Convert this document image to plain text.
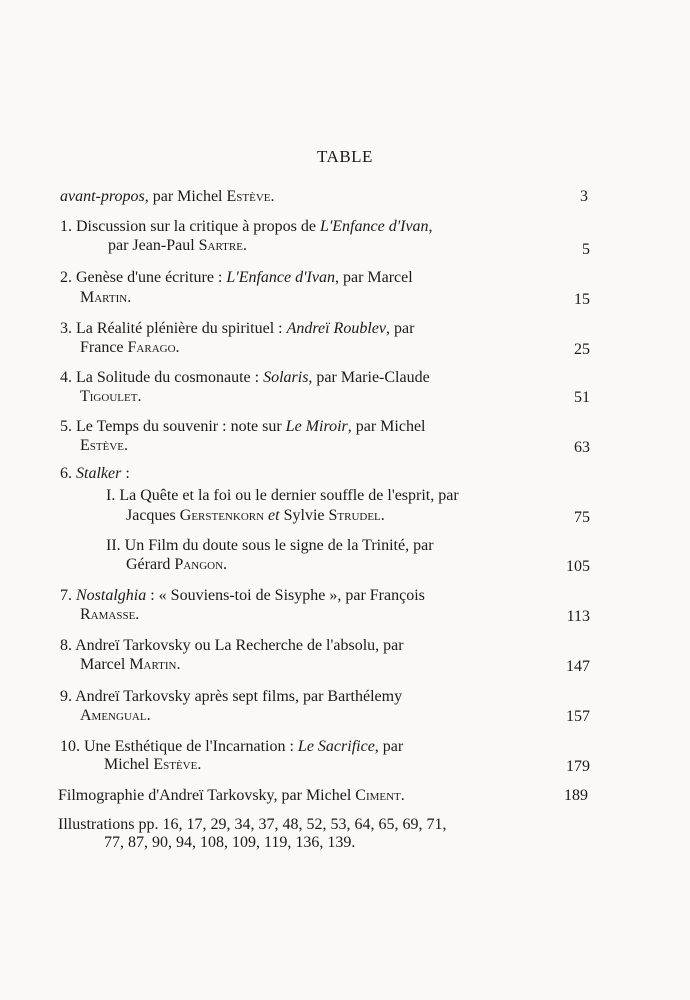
TABLE
avant-propos, par Michel Estève.	3
1. Discussion sur la critique à propos de L'Enfance d'Ivan,
par Jean-Paul Sartre.	5
2. Genèse d'une écriture : L'Enfance d'Ivan, par Marcel
Martin.	15
3. La Réalité plénière du spirituel : Andreï Roublev, par
France Farago.	25
4. La Solitude du cosmonaute : Solaris, par Marie-Claude
Tigoulet.	51
5. Le Temps du souvenir : note sur Le Miroir, par Michel
Estève.	63
6. Stalker :
I. La Quête et la foi ou le dernier souffle de l'esprit, par
Jacques Gerstenkorn et Sylvie Strudel.	75
II. Un Film du doute sous le signe de la Trinité, par
Gérard Pangon.	105
7. Nostalghia : « Souviens-toi de Sisyphe », par François
Ramasse.	113
8. Andreï Tarkovsky ou La Recherche de l'absolu, par
Marcel Martin.	147
9. Andreï Tarkovsky après sept films, par Barthélemy
Amengual.	157
10. Une Esthétique de l'Incarnation : Le Sacrifice, par
Michel Estève.	179
Filmographie d'Andreï Tarkovsky, par Michel Ciment.	189
Illustrations pp. 16, 17, 29, 34, 37, 48, 52, 53, 64, 65, 69, 71,
77, 87, 90, 94, 108, 109, 119, 136, 139.
